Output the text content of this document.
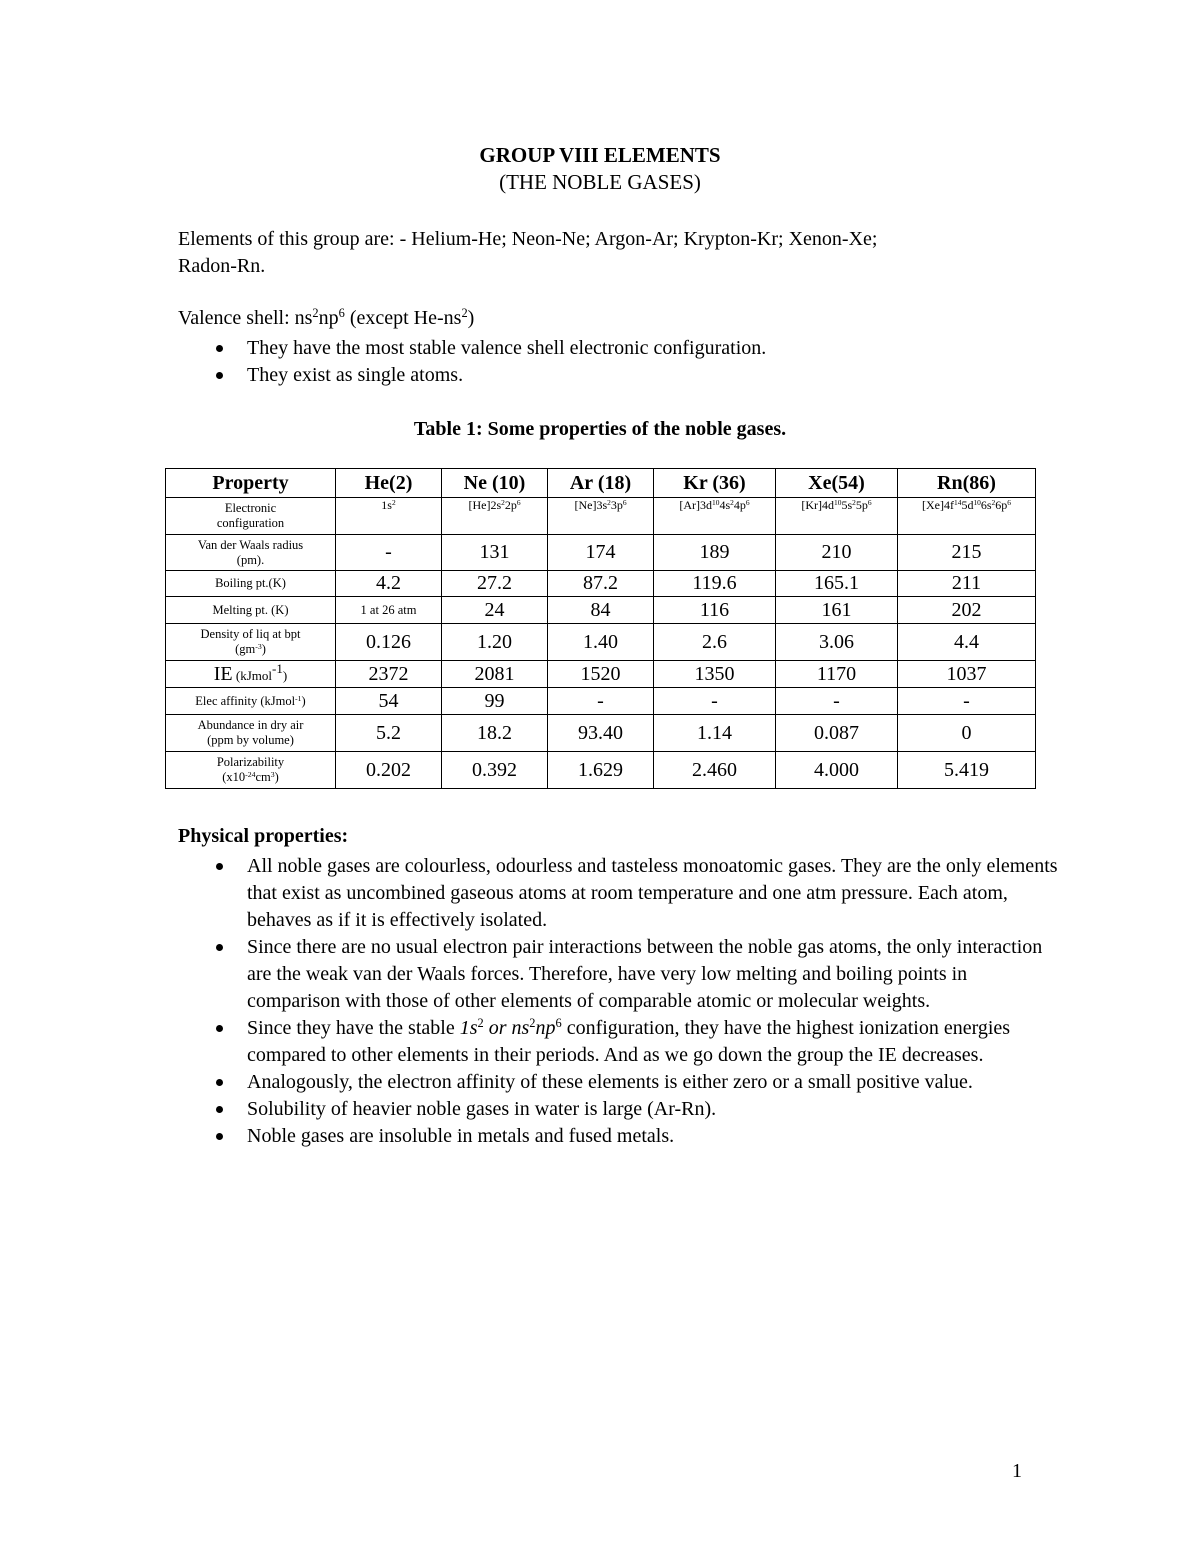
GROUP VIII ELEMENTS
(THE NOBLE GASES)
Elements of this group are: - Helium-He; Neon-Ne; Argon-Ar; Krypton-Kr; Xenon-Xe;
Radon-Rn.
Valence shell: $ns^2np^6$ (except $He-ns^2$)
They have the most stable valence shell electronic configuration.
They exist as single atoms.
Table 1: Some properties of the noble gases.
Property	He(2)	Ne (10)	Ar (18)	Kr (36)	Xe(54)	Rn(86)

Electronic
configuration	$1s^2$	$[He]2s^22p^6$	$[Ne]3s^23p^6$	$[Ar]3d^{10}4s^24p^6$	$[Kr]4d^{10}5s^25p^6$	$[Xe]4f^{14}5d^{10}6s^26p^6$

Van der Waals radius
(pm).	-	131	174	189	210	215
Boiling pt.(K)	4.2	27.2	87.2	119.6	165.1	211
Melting pt. (K)	1 at 26 atm	24	84	116	161	202

Density of liq at bpt
$(gm^{-3})$	0.126	1.20	1.40	2.6	3.06	4.4
IE (kJmol$^{-1}$)	2372	2081	1520	1350	1170	1037
Elec affinity (kJmol$^{-1}$)	54	99	-	-	-	-

Abundance in dry air
(ppm by volume)	5.2	18.2	93.40	1.14	0.087	0

Polarizability
$(x10^{-24}cm^3)$	0.202	0.392	1.629	2.460	4.000	5.419
Physical properties:
All noble gases are colourless, odourless and tasteless monoatomic gases. They are the only elements that exist as uncombined gaseous atoms at room temperature and one atm pressure. Each atom, behaves as if it is effectively isolated.
Since there are no usual electron pair interactions between the noble gas atoms, the only interaction are the weak van der Waals forces. Therefore, have very low melting and boiling points in comparison with those of other elements of comparable atomic or molecular weights.
Since they have the stable $1s^2$ or $ns^2np^6$ configuration, they have the highest ionization energies compared to other elements in their periods. And as we go down the group the IE decreases.
Analogously, the electron affinity of these elements is either zero or a small positive value.
Solubility of heavier noble gases in water is large (Ar-Rn).
Noble gases are insoluble in metals and fused metals.
1
